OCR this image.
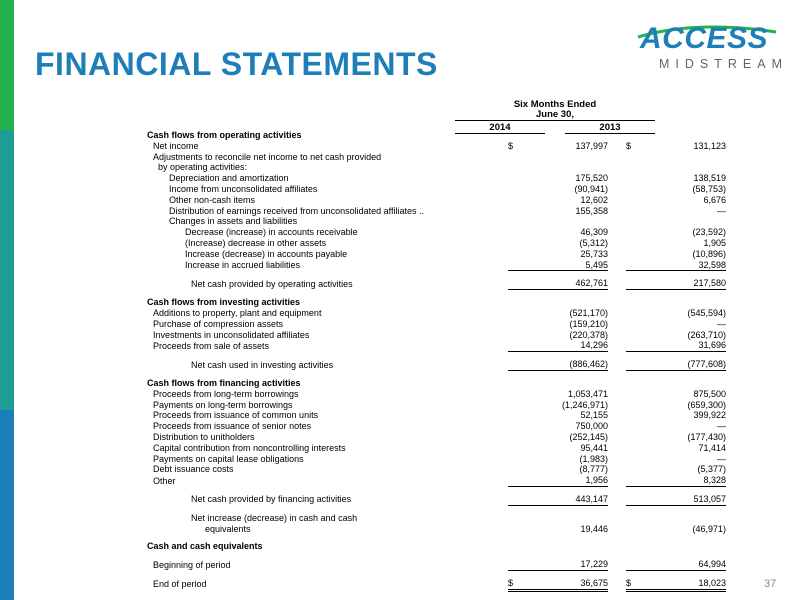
FINANCIAL STATEMENTS
ACCESS
MIDSTREAM
Six Months Ended
June 30,
2014	2013
Cash flows from operating activities					
Net income	$	137,997		$	131,123
Adjustments to reconcile net income to net cash provided					
by operating activities:					
Depreciation and amortization		175,520			138,519
Income from unconsolidated affiliates		(90,941)			(58,753)
Other non-cash items		12,602			6,676
Distribution of earnings received from unconsolidated affiliates ..		155,358			—
Changes in assets and liabilities					
Decrease (increase) in accounts receivable		46,309			(23,592)
(Increase) decrease in other assets		(5,312)			1,905
Increase (decrease) in accounts payable		25,733			(10,896)
Increase in accrued liabilities		5,495			32,598

Net cash provided by operating activities		462,761			217,580

Cash flows from investing activities					
Additions to property, plant and equipment		(521,170)			(545,594)
Purchase of compression assets		(159,210)			—
Investments in unconsolidated affiliates		(220,378)			(263,710)
Proceeds from sale of assets		14,296			31,696

Net cash used in investing activities		(886,462)			(777,608)

Cash flows from financing activities					
Proceeds from long-term borrowings		1,053,471			875,500
Payments on long-term borrowings		(1,246,971)			(659,300)
Proceeds from issuance of common units		52,155			399,922
Proceeds from issuance of senior notes		750,000			—
Distribution to unitholders		(252,145)			(177,430)
Capital contribution from noncontrolling interests		95,441			71,414
Payments on capital lease obligations		(1,983)			—
Debt issuance costs		(8,777)			(5,377)
Other		1,956			8,328

Net cash provided by financing activities		443,147			513,057

Net increase (decrease) in cash and cash					
equivalents		19,446			(46,971)

Cash and cash equivalents					

Beginning of period		17,229			64,994

End of period	$	36,675		$	18,023	37
